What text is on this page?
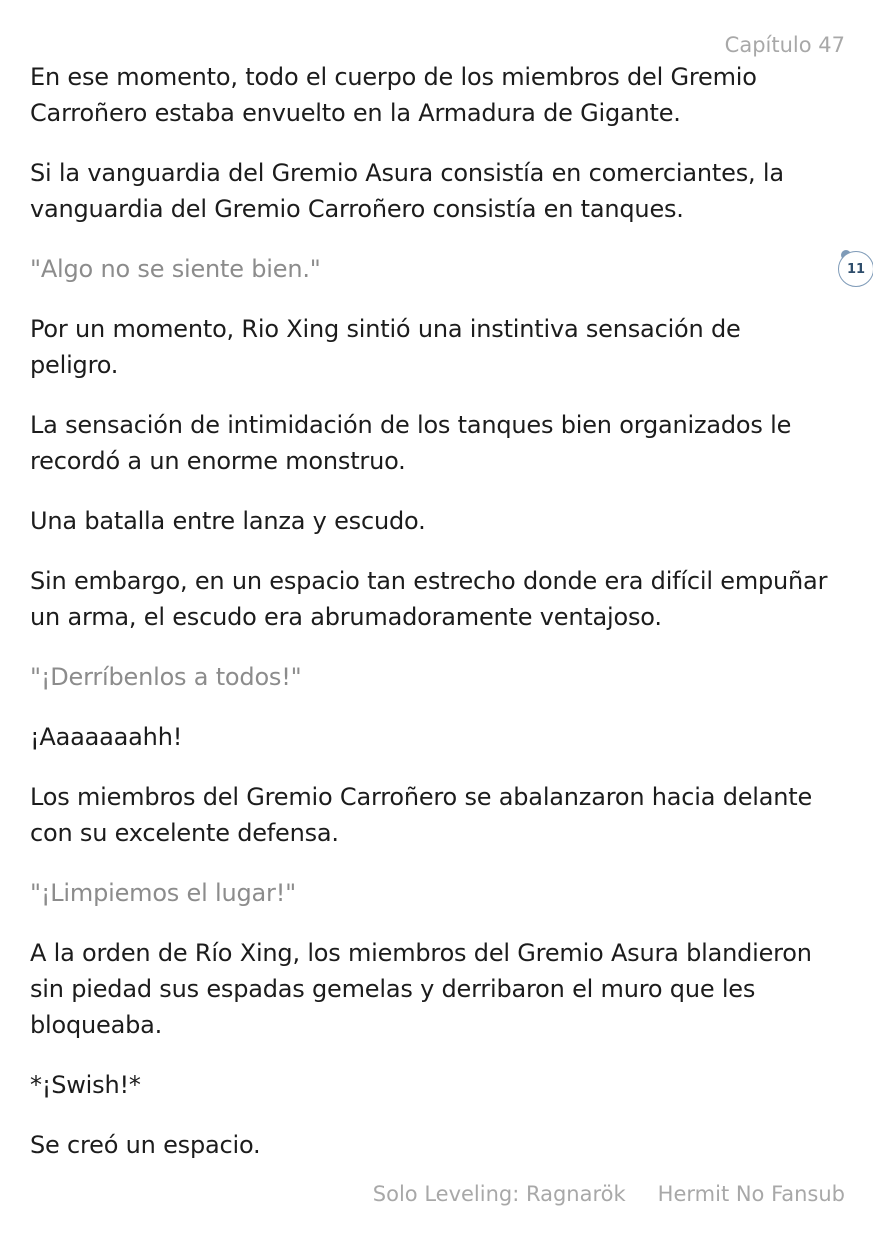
Capítulo 47

En ese momento, todo el cuerpo de los miembros del Gremio Carroñero estaba envuelto en la Armadura de Gigante.

Si la vanguardia del Gremio Asura consistía en comerciantes, la vanguardia del Gremio Carroñero consistía en tanques.

"Algo no se siente bien."

Por un momento, Rio Xing sintió una instintiva sensación de peligro.

La sensación de intimidación de los tanques bien organizados le recordó a un enorme monstruo.

Una batalla entre lanza y escudo.

Sin embargo, en un espacio tan estrecho donde era difícil empuñar un arma, el escudo era abrumadoramente ventajoso.

"¡Derríbenlos a todos!"

¡Aaaaaaahh!

Los miembros del Gremio Carroñero se abalanzaron hacia delante con su excelente defensa.

"¡Limpiemos el lugar!"

A la orden de Río Xing, los miembros del Gremio Asura blandieron sin piedad sus espadas gemelas y derribaron el muro que les bloqueaba.

*¡Swish!*

Se creó un espacio.

11
Solo Leveling: Ragnarök Hermit No Fansub
